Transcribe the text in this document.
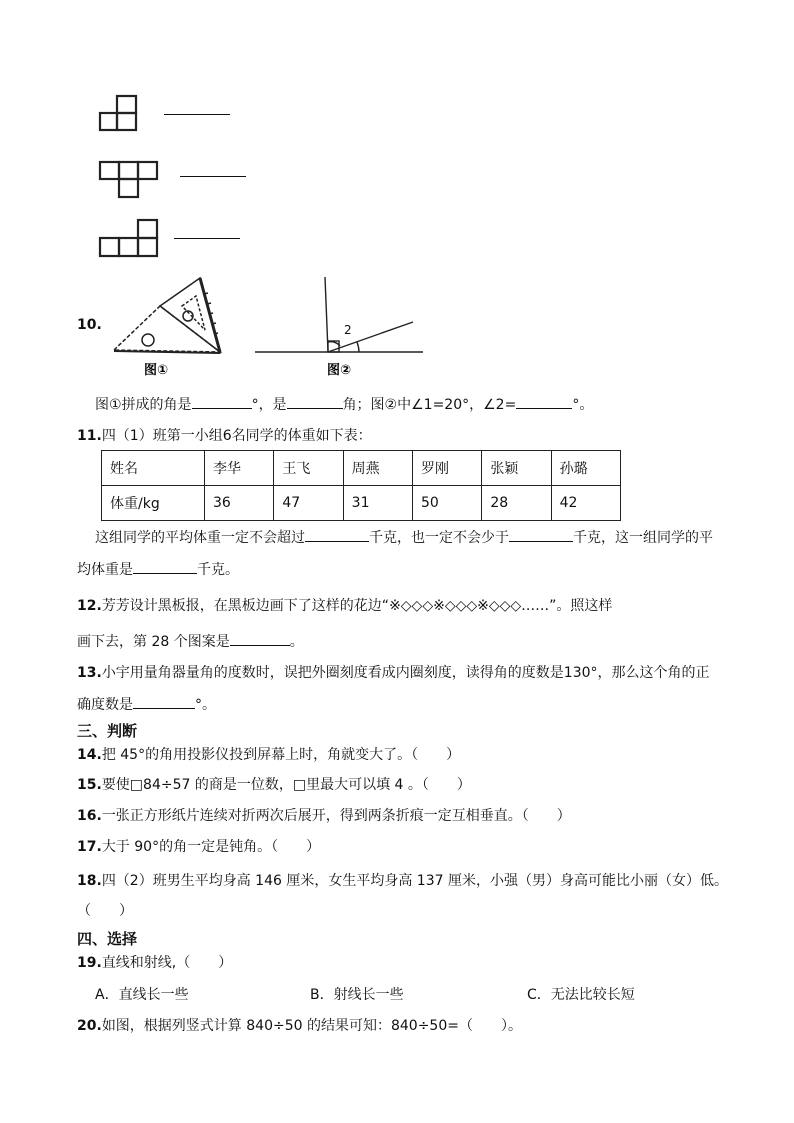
10.
图①
2
图②
图①拼成的角是	°，是	角；图②中∠1=20°，∠2=	°。
11.四（1）班第一小组6名同学的体重如下表：
姓名	李华	王飞	周燕	罗刚	张颖	孙璐
体重/kg	36	47	31	50	28	42
这组同学的平均体重一定不会超过	千克，也一定不会少于	千克，这一组同学的平
均体重是	千克。
12.芳芳设计黑板报，在黑板边画下了这样的花边“※◇◇◇※◇◇◇※◇◇◇……”。照这样
画下去，第 28 个图案是	。
13.小宇用量角器量角的度数时，误把外圈刻度看成内圈刻度，读得角的度数是130°，那么这个角的正
确度数是	°。
三、判断
14.把 45°的角用投影仪投到屏幕上时，角就变大了。（　　）
15.要使□84÷57 的商是一位数，□里最大可以填 4 。（　　）
16.一张正方形纸片连续对折两次后展开，得到两条折痕一定互相垂直。（　　）
17.大于 90°的角一定是钝角。（　　）
18.四（2）班男生平均身高 146 厘米，女生平均身高 137 厘米，小强（男）身高可能比小丽（女）低。
（　　）
四、选择
19.直线和射线,（　　）
A．直线长一些	B．射线长一些	C．无法比较长短
20.如图，根据列竖式计算 840÷50 的结果可知：840÷50=（　　）。
